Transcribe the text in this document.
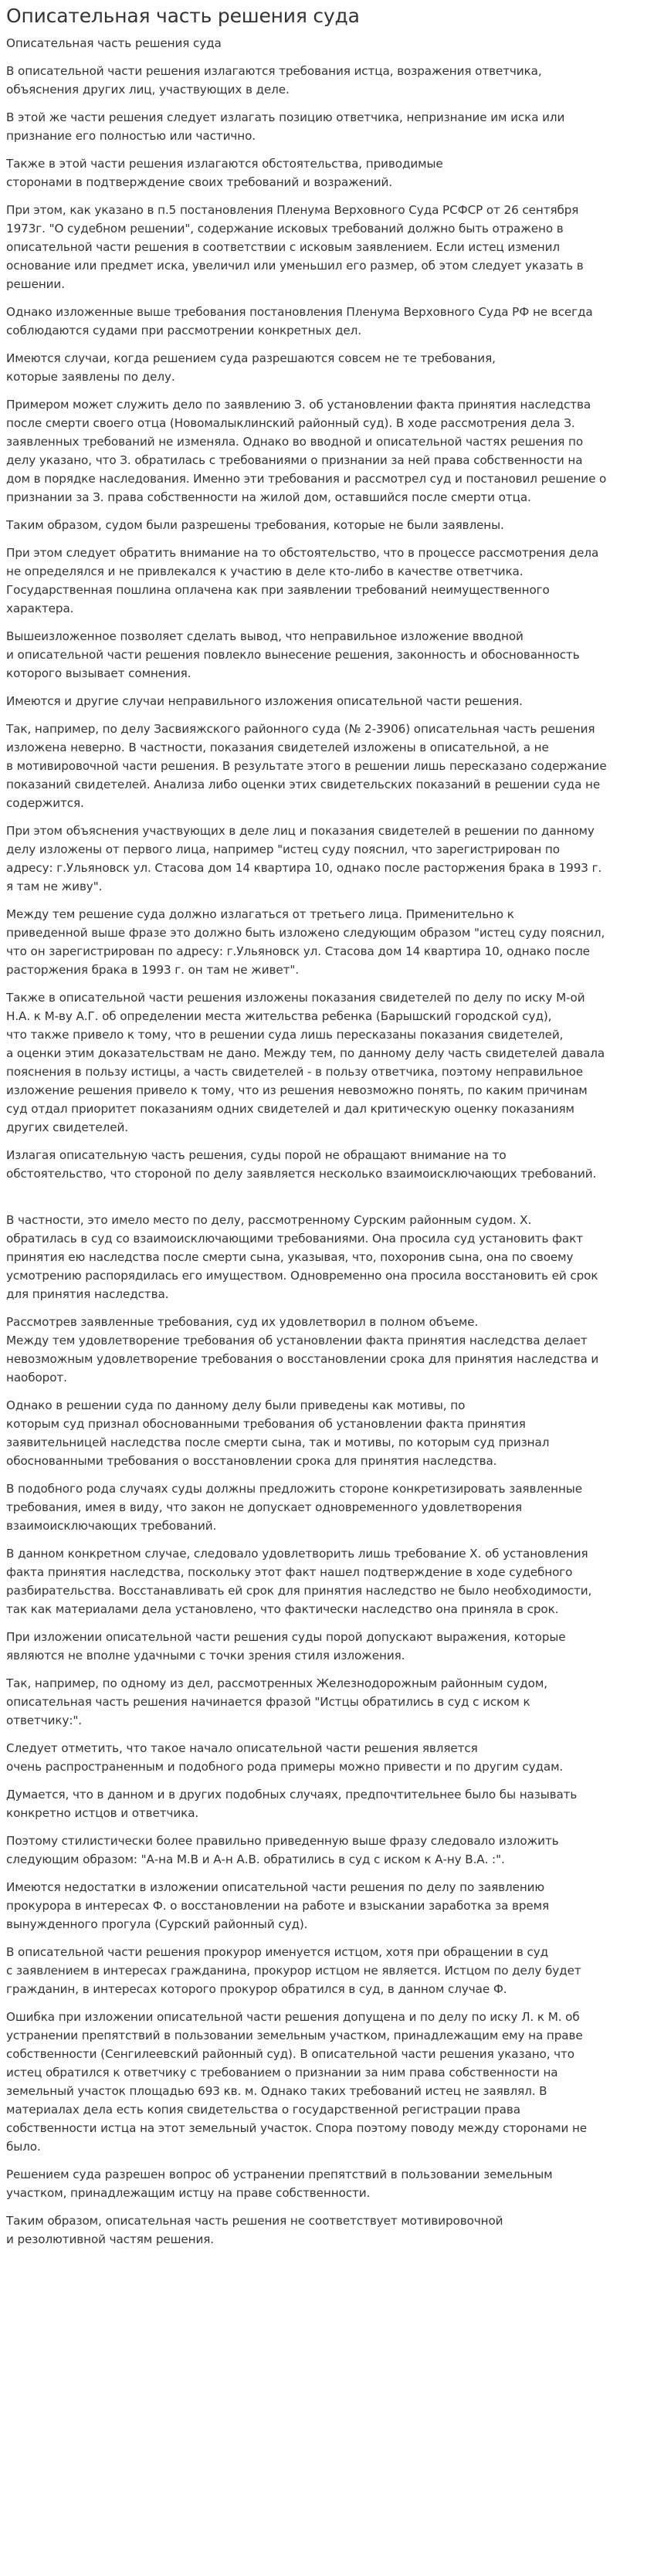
Описательная часть решения суда
Описательная часть решения суда
В описательной части решения излагаются требования истца, возражения ответчика,
объяснения других лиц, участвующих в деле.
В этой же части решения следует излагать позицию ответчика, непризнание им иска или
признание его полностью или частично.
Также в этой части решения излагаются обстоятельства, приводимые
сторонами в подтверждение своих требований и возражений.
При этом, как указано в п.5 постановления Пленума Верховного Суда РСФСР от 26 сентября
1973г. "О судебном решении", содержание исковых требований должно быть отражено в
описательной части решения в соответствии с исковым заявлением. Если истец изменил
основание или предмет иска, увеличил или уменьшил его размер, об этом следует указать в
решении.
Однако изложенные выше требования постановления Пленума Верховного Суда РФ не всегда
соблюдаются судами при рассмотрении конкретных дел.
Имеются случаи, когда решением суда разрешаются совсем не те требования,
которые заявлены по делу.
Примером может служить дело по заявлению З. об установлении факта принятия наследства
после смерти своего отца (Новомалыклинский районный суд). В ходе рассмотрения дела З.
заявленных требований не изменяла. Однако во вводной и описательной частях решения по
делу указано, что З. обратилась с требованиями о признании за ней права собственности на
дом в порядке наследования. Именно эти требования и рассмотрел суд и постановил решение о
признании за З. права собственности на жилой дом, оставшийся после смерти отца.
Таким образом, судом были разрешены требования, которые не были заявлены.
При этом следует обратить внимание на то обстоятельство, что в процессе рассмотрения дела
не определялся и не привлекался к участию в деле кто-либо в качестве ответчика.
Государственная пошлина оплачена как при заявлении требований неимущественного
характера.
Вышеизложенное позволяет сделать вывод, что неправильное изложение вводной
и описательной части решения повлекло вынесение решения, законность и обоснованность
которого вызывает сомнения.
Имеются и другие случаи неправильного изложения описательной части решения.
Так, например, по делу Засвияжского районного суда (№ 2-3906) описательная часть решения
изложена неверно. В частности, показания свидетелей изложены в описательной, а не
в мотивировочной части решения. В результате этого в решении лишь пересказано содержание
показаний свидетелей. Анализа либо оценки этих свидетельских показаний в решении суда не
содержится.
При этом объяснения участвующих в деле лиц и показания свидетелей в решении по данному
делу изложены от первого лица, например "истец суду пояснил, что зарегистрирован по
адресу: г.Ульяновск ул. Стасова дом 14 квартира 10, однако после расторжения брака в 1993 г.
я там не живу".
Между тем решение суда должно излагаться от третьего лица. Применительно к
приведенной выше фразе это должно быть изложено следующим образом "истец суду пояснил,
что он зарегистрирован по адресу: г.Ульяновск ул. Стасова дом 14 квартира 10, однако после
расторжения брака в 1993 г. он там не живет".
Также в описательной части решения изложены показания свидетелей по делу по иску М-ой
Н.А. к М-ву А.Г. об определении места жительства ребенка (Барышский городской суд),
что также привело к тому, что в решении суда лишь пересказаны показания свидетелей,
а оценки этим доказательствам не дано. Между тем, по данному делу часть свидетелей давала
пояснения в пользу истицы, а часть свидетелей - в пользу ответчика, поэтому неправильное
изложение решения привело к тому, что из решения невозможно понять, по каким причинам
суд отдал приоритет показаниям одних свидетелей и дал критическую оценку показаниям
других свидетелей.
Излагая описательную часть решения, суды порой не обращают внимание на то
обстоятельство, что стороной по делу заявляется несколько взаимоисключающих требований.

В частности, это имело место по делу, рассмотренному Сурским районным судом. Х.
обратилась в суд со взаимоисключающими требованиями. Она просила суд установить факт
принятия ею наследства после смерти сына, указывая, что, похоронив сына, она по своему
усмотрению распорядилась его имуществом. Одновременно она просила восстановить ей срок
для принятия наследства.
Рассмотрев заявленные требования, суд их удовлетворил в полном объеме.
Между тем удовлетворение требования об установлении факта принятия наследства делает
невозможным удовлетворение требования о восстановлении срока для принятия наследства и
наоборот.
Однако в решении суда по данному делу были приведены как мотивы, по
которым суд признал обоснованными требования об установлении факта принятия
заявительницей наследства после смерти сына, так и мотивы, по которым суд признал
обоснованными требования о восстановлении срока для принятия наследства.
В подобного рода случаях суды должны предложить стороне конкретизировать заявленные
требования, имея в виду, что закон не допускает одновременного удовлетворения
взаимоисключающих требований.
В данном конкретном случае, следовало удовлетворить лишь требование Х. об установления
факта принятия наследства, поскольку этот факт нашел подтверждение в ходе судебного
разбирательства. Восстанавливать ей срок для принятия наследство не было необходимости,
так как материалами дела установлено, что фактически наследство она приняла в срок.
При изложении описательной части решения суды порой допускают выражения, которые
являются не вполне удачными с точки зрения стиля изложения.
Так, например, по одному из дел, рассмотренных Железнодорожным районным судом,
описательная часть решения начинается фразой "Истцы обратились в суд с иском к
ответчику:".
Следует отметить, что такое начало описательной части решения является
очень распространенным и подобного рода примеры можно привести и по другим судам.
Думается, что в данном и в других подобных случаях, предпочтительнее было бы называть
конкретно истцов и ответчика.
Поэтому стилистически более правильно приведенную выше фразу следовало изложить
следующим образом: "А-на М.В и А-н А.В. обратились в суд с иском к А-ну В.А. :".
Имеются недостатки в изложении описательной части решения по делу по заявлению
прокурора в интересах Ф. о восстановлении на работе и взыскании заработка за время
вынужденного прогула (Сурский районный суд).
В описательной части решения прокурор именуется истцом, хотя при обращении в суд
с заявлением в интересах гражданина, прокурор истцом не является. Истцом по делу будет
гражданин, в интересах которого прокурор обратился в суд, в данном случае Ф.
Ошибка при изложении описательной части решения допущена и по делу по иску Л. к М. об
устранении препятствий в пользовании земельным участком, принадлежащим ему на праве
собственности (Сенгилеевский районный суд). В описательной части решения указано, что
истец обратился к ответчику с требованием о признании за ним права собственности на
земельный участок площадью 693 кв. м. Однако таких требований истец не заявлял. В
материалах дела есть копия свидетельства о государственной регистрации права
собственности истца на этот земельный участок. Спора поэтому поводу между сторонами не
было.
Решением суда разрешен вопрос об устранении препятствий в пользовании земельным
участком, принадлежащим истцу на праве собственности.
Таким образом, описательная часть решения не соответствует мотивировочной
и резолютивной частям решения.
